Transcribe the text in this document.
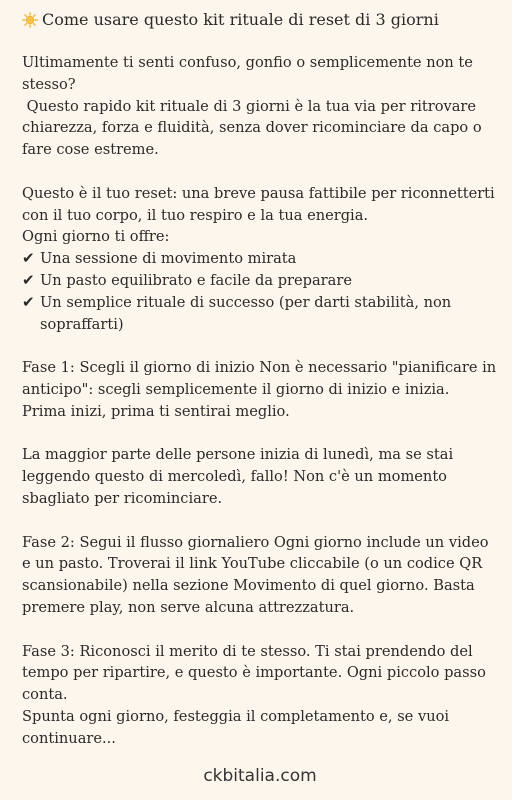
Come usare questo kit rituale di reset di 3 giorni
Ultimamente ti senti confuso, gonfio o semplicemente non te stesso?
Questo rapido kit rituale di 3 giorni è la tua via per ritrovare chiarezza, forza e fluidità, senza dover ricominciare da capo o fare cose estreme.
Questo è il tuo reset: una breve pausa fattibile per riconnetterti con il tuo corpo, il tuo respiro e la tua energia.
Ogni giorno ti offre:
✔ Una sessione di movimento mirata
✔ Un pasto equilibrato e facile da preparare
✔ Un semplice rituale di successo (per darti stabilità, non sopraffarti)
Fase 1: Scegli il giorno di inizio Non è necessario "pianificare in anticipo": scegli semplicemente il giorno di inizio e inizia. Prima inizi, prima ti sentirai meglio.
La maggior parte delle persone inizia di lunedì, ma se stai leggendo questo di mercoledì, fallo! Non c'è un momento sbagliato per ricominciare.
Fase 2: Segui il flusso giornaliero Ogni giorno include un video e un pasto. Troverai il link YouTube cliccabile (o un codice QR scansionabile) nella sezione Movimento di quel giorno. Basta premere play, non serve alcuna attrezzatura.
Fase 3: Riconosci il merito di te stesso. Ti stai prendendo del tempo per ripartire, e questo è importante. Ogni piccolo passo conta.
Spunta ogni giorno, festeggia il completamento e, se vuoi continuare...
ckbitalia.com
